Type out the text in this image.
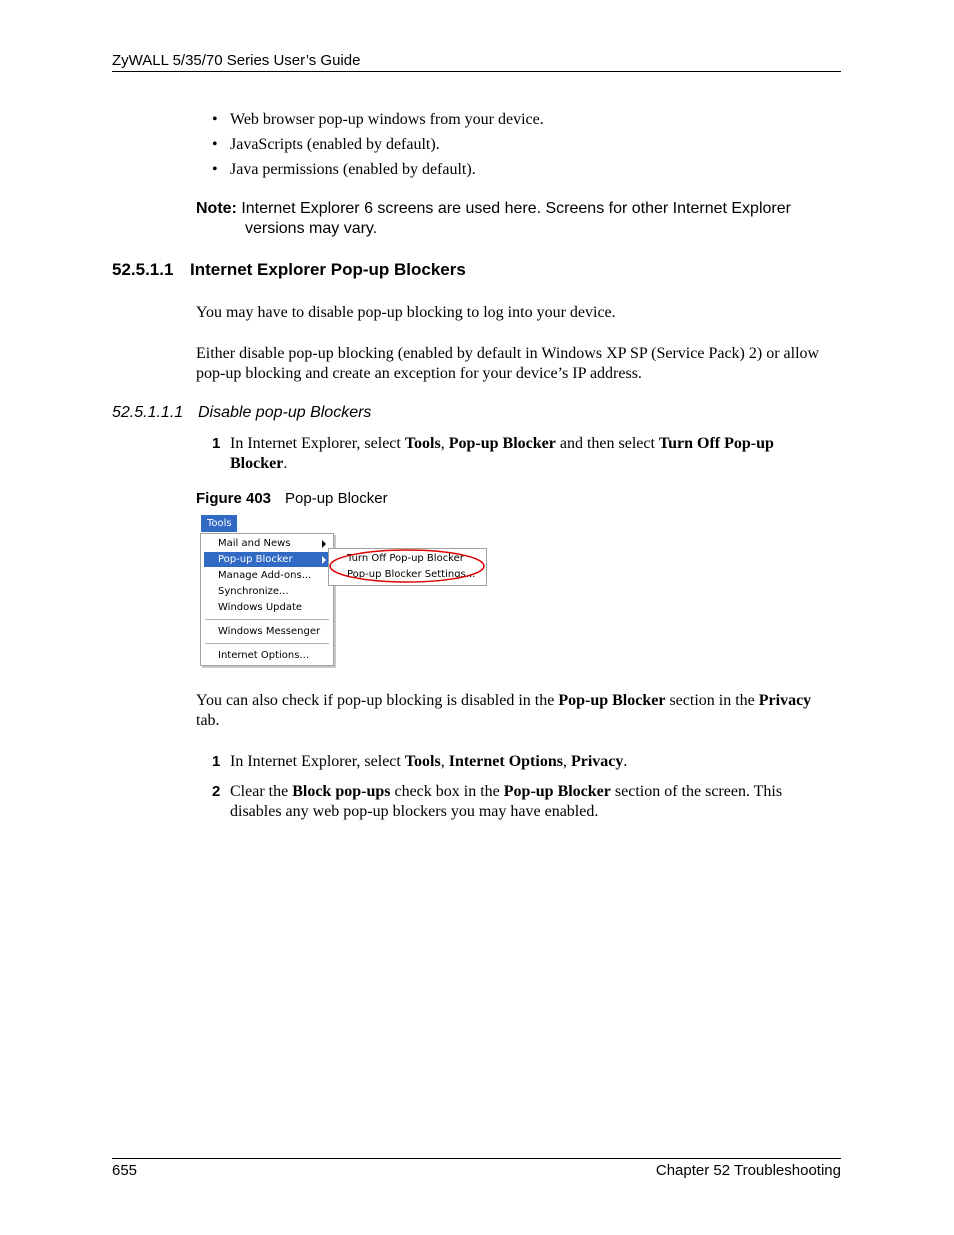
ZyWALL 5/35/70 Series User’s Guide
• Web browser pop-up windows from your device.
• JavaScripts (enabled by default).
• Java permissions (enabled by default).
Note: Internet Explorer 6 screens are used here. Screens for other Internet Explorer
versions may vary.
52.5.1.1 Internet Explorer Pop-up Blockers
You may have to disable pop-up blocking to log into your device.
Either disable pop-up blocking (enabled by default in Windows XP SP (Service Pack) 2) or allow pop-up blocking and create an exception for your device’s IP address.
52.5.1.1.1 Disable pop-up Blockers
1 In Internet Explorer, select Tools, Pop-up Blocker and then select Turn Off Pop-up Blocker.
Figure 403 Pop-up Blocker
Tools
Mail and News
Pop-up Blocker
Manage Add-ons...
Synchronize...
Windows Update
Windows Messenger
Internet Options...
Turn Off Pop-up Blocker
Pop-up Blocker Settings...
You can also check if pop-up blocking is disabled in the Pop-up Blocker section in the Privacy tab.
1 In Internet Explorer, select Tools, Internet Options, Privacy.
2 Clear the Block pop-ups check box in the Pop-up Blocker section of the screen. This disables any web pop-up blockers you may have enabled.
655	Chapter 52 Troubleshooting
